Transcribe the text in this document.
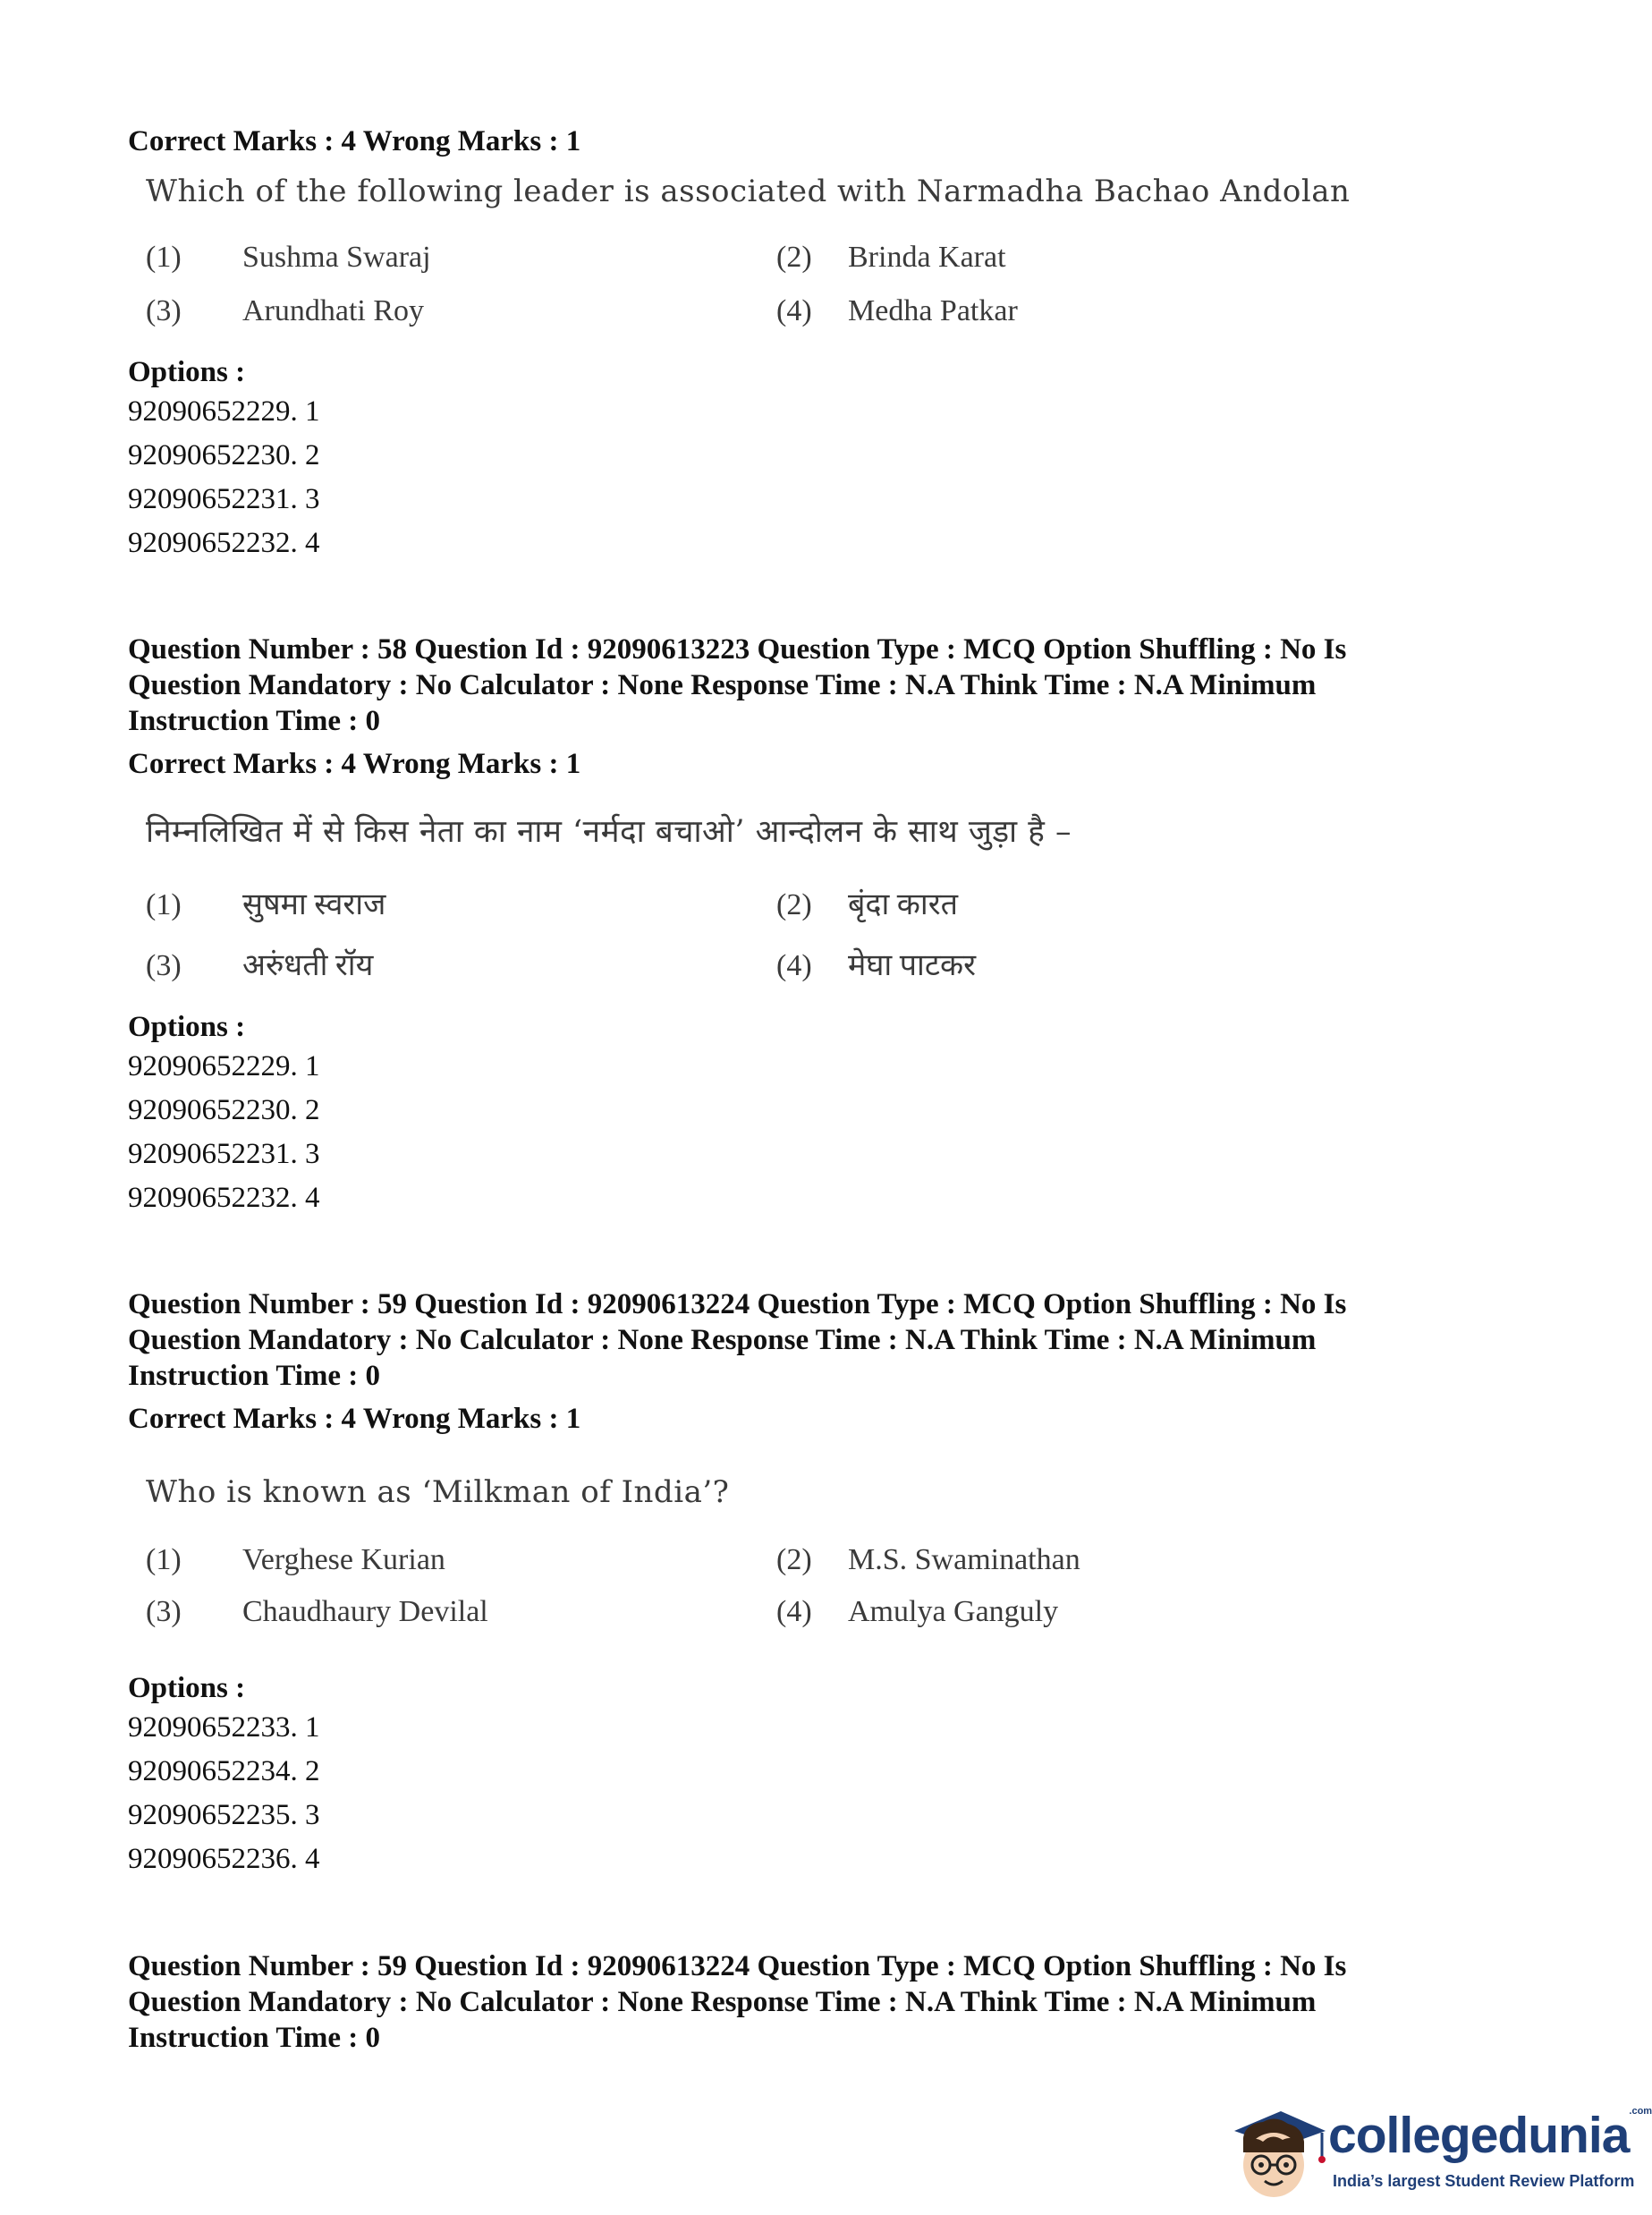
Correct Marks : 4 Wrong Marks : 1

Which of the following leader is associated with Narmadha Bachao Andolan
(1) Sushma Swaraj	(2) Brinda Karat
(3) Arundhati Roy	(4) Medha Patkar
Options :
92090652229. 1
92090652230. 2
92090652231. 3
92090652232. 4

Question Number : 58 Question Id : 92090613223 Question Type : MCQ Option Shuffling : No Is

Question Mandatory : No Calculator : None Response Time : N.A Think Time : N.A Minimum

Instruction Time : 0

Correct Marks : 4 Wrong Marks : 1

निम्नलिखित में से किस नेता का नाम ‘नर्मदा बचाओ’ आन्दोलन के साथ जुड़ा है –
(1) सुषमा स्वराज	(2) बृंदा कारत
(3) अरुंधती रॉय	(4) मेघा पाटकर
Options :
92090652229. 1
92090652230. 2
92090652231. 3
92090652232. 4

Question Number : 59 Question Id : 92090613224 Question Type : MCQ Option Shuffling : No Is

Question Mandatory : No Calculator : None Response Time : N.A Think Time : N.A Minimum

Instruction Time : 0

Correct Marks : 4 Wrong Marks : 1

Who is known as ‘Milkman of India’?
(1) Verghese Kurian	(2) M.S. Swaminathan
(3) Chaudhaury Devilal	(4) Amulya Ganguly
Options :
92090652233. 1
92090652234. 2
92090652235. 3
92090652236. 4

Question Number : 59 Question Id : 92090613224 Question Type : MCQ Option Shuffling : No Is

Question Mandatory : No Calculator : None Response Time : N.A Think Time : N.A Minimum

Instruction Time : 0

collegedunia$^{.com}$
India’s largest Student Review Platform
